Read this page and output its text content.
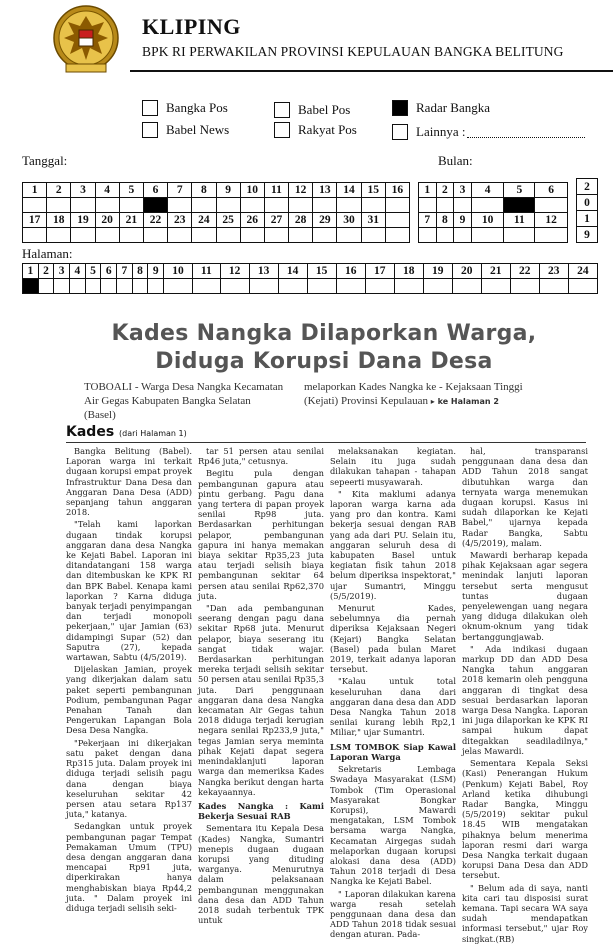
KLIPING
BPK RI PERWAKILAN PROVINSI KEPULAUAN BANGKA BELITUNG
Bangka Pos
Babel News
Babel Pos
Rakyat Pos
Radar Bangka
Lainnya :
Tanggal:	Bulan:
1	2	3	4	5	6	7	8	9	10	11	12	13	14	15	16

17	18	19	20	21	22	23	24	25	26	27	28	29	30	31	

1	2	3	4	5	6

7	8	9	10	11	12

2
0
1
9
Halaman:
1	2	3	4	5	6	7	8	9	10	11	12	13	14	15	16	17	18	19	20	21	22	23	24

Kades Nangka Dilaporkan Warga,
Diduga Korupsi Dana Desa
TOBOALI - Warga Desa Nangka Kecamatan Air Gegas Kabupaten Bangka Selatan (Basel)
melaporkan Kades Nangka ke - Kejaksaan Tinggi (Kejati) Provinsi Kepulauan ▸ ke Halaman 2
Kades (dari Halaman 1)

Bangka Belitung (Babel). Laporan warga ini terkait dugaan korupsi empat proyek Infrastruktur Dana Desa dan Anggaran Dana Desa (ADD) sepanjang tahun anggaran 2018.

"Telah kami laporkan dugaan tindak korupsi anggaran dana desa Nangka ke Kejati Babel. Laporan ini ditandatangani 158 warga dan ditembuskan ke KPK RI dan BPK Babel. Kenapa kami laporkan ? Karna diduga banyak terjadi penyimpangan dan terjadi monopoli pekerjaan," ujar Jamian (63) didampingi Supar (52) dan Saputra (27), kepada wartawan, Sabtu (4/5/2019).

Dijelaskan Jamian, proyek yang dikerjakan dalam satu paket seperti pembangunan Podium, pembangunan Pagar Penahan Tanah dan Pengerukan Lapangan Bola Desa Desa Nangka.

"Pekerjaan ini dikerjakan satu paket dengan dana Rp315 juta. Dalam proyek ini diduga terjadi selisih pagu dana dengan biaya keseluruhan sekitar 42 persen atau setara Rp137 juta," katanya.

Sedangkan untuk proyek pembangunan pagar Tempat Pemakaman Umum (TPU) desa dengan anggaran dana mencapai Rp91 juta, diperkirakan hanya menghabiskan biaya Rp44,2 juta. " Dalam proyek ini diduga terjadi selisih seki-

tar 51 persen atau senilai Rp46 juta," cetusnya.

Begitu pula dengan pembangunan gapura atau pintu gerbang. Pagu dana yang tertera di papan proyek senilai Rp98 juta. Berdasarkan perhitungan pelapor, pembangunan gapura ini hanya memakan biaya sekitar Rp35,23 juta atau terjadi selisih biaya pembangunan sekitar 64 persen atau senilai Rp62,370 juta.

"Dan ada pembangunan seerang dengan pagu dana sekitar Rp68 juta. Menurut pelapor, biaya seserang itu sangat tidak wajar. Berdasarkan perhitungan mereka terjadi selisih sekitar 50 persen atau senilai Rp35,3 juta. Dari penggunaan anggaran dana desa Nangka kecamatan Air Gegas tahun 2018 diduga terjadi kerugian negara senilai Rp233,9 juta," tegas Jamian serya meminta pihak Kejati dapat segera menindaklanjuti laporan warga dan memeriksa Kades Nangka berikut dengan harta kekayaannya.

Kades Nangka : Kami Bekerja Sesuai RAB

Sementara itu Kepala Desa (Kades) Nangka, Sumantri menepis dugaan dugaan korupsi yang dituding warganya. Menurutnya dalam pelaksanaan pembangunan menggunakan dana desa dan ADD Tahun 2018 sudah terbentuk TPK untuk

melaksanakan kegiatan. Selain itu juga sudah dilakukan tahapan - tahapan sepeerti musyawarah.

" Kita maklumi adanya laporan warga karna ada yang pro dan kontra. Kami bekerja sesuai dengan RAB yang ada dari PU. Selain itu, anggaran seluruh desa di kabupaten Basel untuk kegiatan fisik tahun 2018 belum diperiksa inspektorat," ujar Sumantri, Minggu (5/5/2019).

Menurut Kades, sebelumnya dia pernah diperiksa Kejaksaan Negeri (Kejari) Bangka Selatan (Basel) pada bulan Maret 2019, terkait adanya laporan tersebut.

"Kalau untuk total keseluruhan dana dari anggaran dana desa dan ADD Desa Nangka Tahun 2018 senilai kurang lebih Rp2,1 Miliar," ujar Sumantri.

LSM TOMBOK Siap Kawal Laporan Warga

Sekretaris Lembaga Swadaya Masyarakat (LSM) Tombok (Tim Operasional Masyarakat Bongkar Korupsi), Mawardi mengatakan, LSM Tombok bersama warga Nangka, Kecamatan Airgegas sudah melaporkan dugaan korupsi alokasi dana desa (ADD) Tahun 2018 terjadi di Desa Nangka ke Kejati Babel.

" Laporan dilakukan karena warga resah setelah penggunaan dana desa dan ADD Tahun 2018 tidak sesuai dengan aturan. Pada-

hal, transparansi penggunaan dana desa dan ADD Tahun 2018 sangat dibutuhkan warga dan ternyata warga menemukan dugaan korupsi. Kasus ini sudah dilaporkan ke Kejati Babel," ujarnya kepada Radar Bangka, Sabtu (4/5/2019), malam.

Mawardi berharap kepada pihak Kejaksaan agar segera menindak lanjuti laporan tersebut serta mengusut tuntas dugaan penyelewengan uang negara yang diduga dilakukan oleh oknum-oknum yang tidak bertanggungjawab.

" Ada indikasi dugaan markup DD dan ADD Desa Nangka tahun anggaran 2018 kemarin oleh pengguna anggaran di tingkat desa sesuai berdasarkan laporan warga Desa Nangka. Laporan ini juga dilaporkan ke KPK RI sampai hukum dapat ditegakkan seadiladilnya," jelas Mawardi.

Sementara Kepala Seksi (Kasi) Penerangan Hukum (Penkum) Kejati Babel, Roy Arland ketika dihubungi Radar Bangka, Minggu (5/5/2019) sekitar pukul 18.45 WIB mengatakan pihaknya belum menerima laporan resmi dari warga Desa Nangka terkait dugaan korupsi Dana Desa dan ADD tersebut.

" Belum ada di saya, nanti kita cari tau disposisi surat kemana. Tapi secara WA saya sudah mendapatkan informasi tersebut," ujar Roy singkat.(RB)
